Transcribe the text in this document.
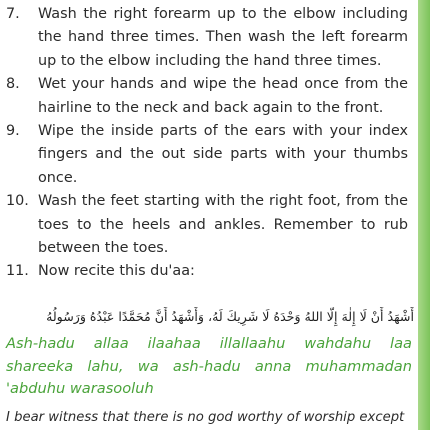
7. Wash the right forearm up to the elbow including the hand three times. Then wash the left forearm up to the elbow including the hand three times.
8. Wet your hands and wipe the head once from the hairline to the neck and back again to the front.
9. Wipe the inside parts of the ears with your index fingers and the out side parts with your thumbs once.
10. Wash the feet starting with the right foot, from the toes to the heels and ankles. Remember to rub between the toes.
11. Now recite this du'aa:
أَشْهَدُ أَنْ لَا إِلٰهَ إِلَّا اللهُ وَحْدَهُ لَا شَرِيكَ لَهُ، وَأَشْهَدُ أَنَّ مُحَمَّدًا عَبْدُهُ وَرَسُولُهُ
Ash-hadu allaa ilaahaa illallaahu wahdahu laa shareeka lahu, wa ash-hadu anna muhammadan 'abduhu warasooluh
I bear witness that there is no god worthy of worship except
